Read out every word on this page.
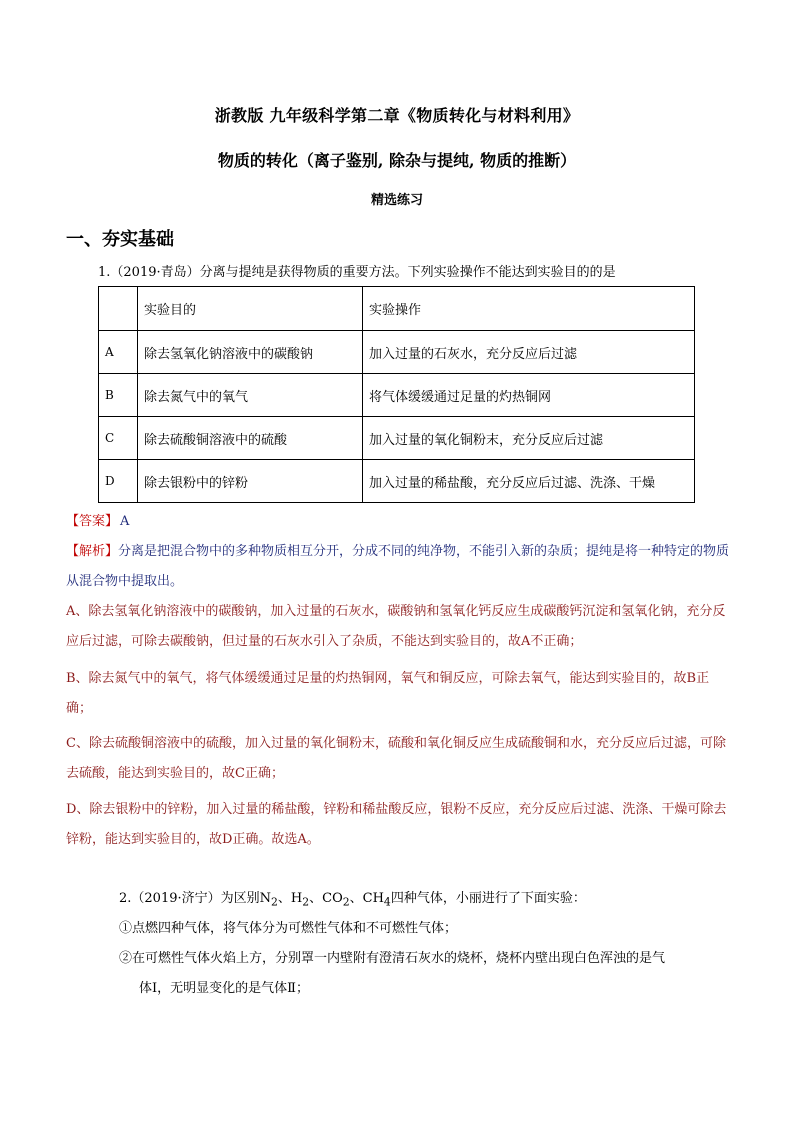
浙教版 九年级科学第二章《物质转化与材料利用》
物质的转化（离子鉴别, 除杂与提纯, 物质的推断）
精选练习
一、夯实基础
1.（2019·青岛）分离与提纯是获得物质的重要方法。下列实验操作不能达到实验目的的是
	实验目的	实验操作
A	除去氢氧化钠溶液中的碳酸钠	加入过量的石灰水，充分反应后过滤
B	除去氮气中的氧气	将气体缓缓通过足量的灼热铜网
C	除去硫酸铜溶液中的硫酸	加入过量的氧化铜粉末，充分反应后过滤
D	除去银粉中的锌粉	加入过量的稀盐酸，充分反应后过滤、洗涤、干燥
【答案】 A
【解析】分离是把混合物中的多种物质相互分开，分成不同的纯净物，不能引入新的杂质；提纯是将一种特定的物质从混合物中提取出。
A、除去氢氧化钠溶液中的碳酸钠，加入过量的石灰水，碳酸钠和氢氧化钙反应生成碳酸钙沉淀和氢氧化钠，充分反应后过滤，可除去碳酸钠，但过量的石灰水引入了杂质，不能达到实验目的，故A不正确；
B、除去氮气中的氧气，将气体缓缓通过足量的灼热铜网，氧气和铜反应，可除去氧气，能达到实验目的，故B正确；
C、除去硫酸铜溶液中的硫酸，加入过量的氧化铜粉末，硫酸和氧化铜反应生成硫酸铜和水，充分反应后过滤，可除去硫酸，能达到实验目的，故C正确；
D、除去银粉中的锌粉，加入过量的稀盐酸，锌粉和稀盐酸反应，银粉不反应，充分反应后过滤、洗涤、干燥可除去锌粉，能达到实验目的，故D正确。故选A。
2.（2019·济宁）为区别$N_2$、$H_2$、$CO_2$、$CH_4$四种气体，小丽进行了下面实验：
①点燃四种气体，将气体分为可燃性气体和不可燃性气体；
②在可燃性气体火焰上方，分别罩一内壁附有澄清石灰水的烧杯，烧杯内壁出现白色浑浊的是气
体Ⅰ，无明显变化的是气体Ⅱ；
